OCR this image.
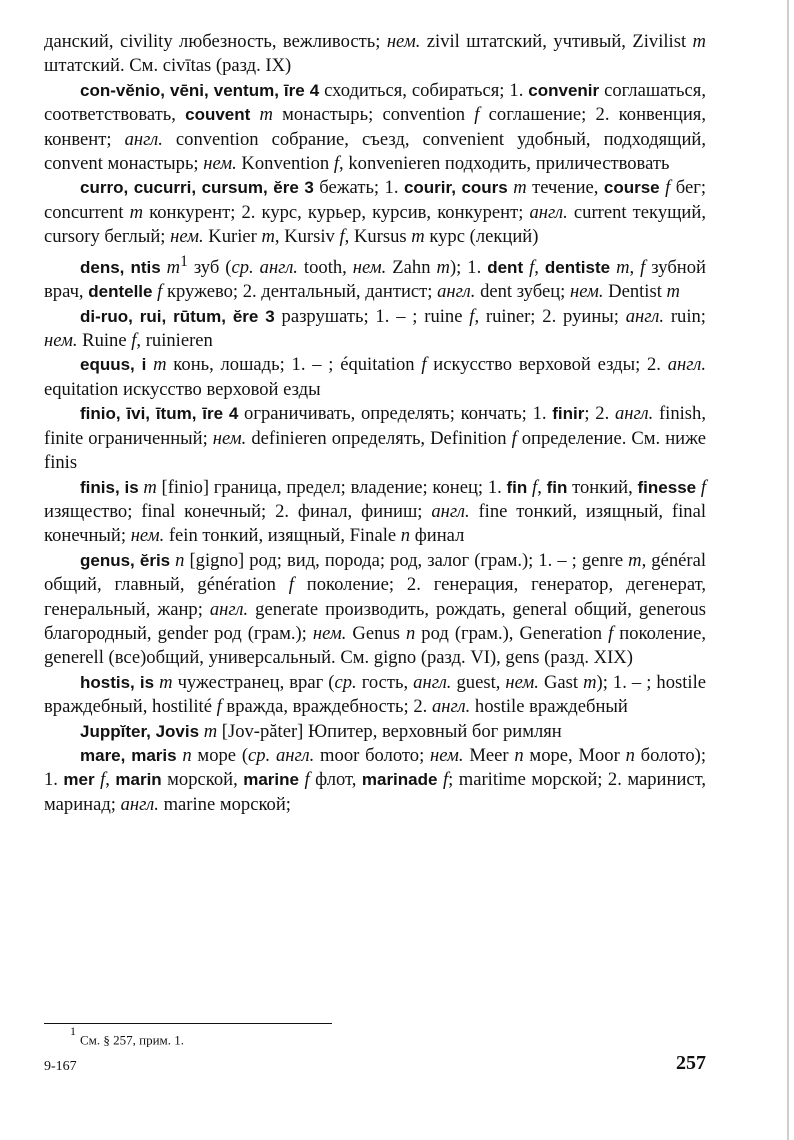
данский, civility любезность, вежливость; нем. zivil штатский, учтивый, Zivilist m штатский. См. civītas (разд. IX)

con-vĕnio, vēni, ventum, īre 4 сходиться, собираться; 1. convenir соглашаться, соответствовать, couvent m монастырь; convention f соглашение; 2. конвенция, конвент; англ. convention собрание, съезд, convenient удобный, подходящий, convent монастырь; нем. Konvention f, konvenieren подходить, приличествовать

curro, cucurri, cursum, ĕre 3 бежать; 1. courir, cours m течение, course f бег; concurrent m конкурент; 2. курс, курьер, курсив, конкурент; англ. current текущий, cursory беглый; нем. Kurier m, Kursiv f, Kursus m курс (лекций)

dens, ntis $m^1$ зуб (ср. англ. tooth, нем. Zahn m); 1. dent f, dentiste m, f зубной врач, dentelle f кружево; 2. дентальный, дантист; англ. dent зубец; нем. Dentist m

di-ruo, rui, rūtum, ĕre 3 разрушать; 1. – ; ruine f, ruiner; 2. руины; англ. ruin; нем. Ruine f, ruinieren

equus, i m конь, лошадь; 1. – ; équitation f искусство верховой езды; 2. англ. equitation искусство верховой езды

finio, īvi, ītum, īre 4 ограничивать, определять; кончать; 1. finir; 2. англ. finish, finite ограниченный; нем. definieren определять, Definition f определение. См. ниже finis

finis, is m [finio] граница, предел; владение; конец; 1. fin f, fin тонкий, finesse f изящество; final конечный; 2. финал, финиш; англ. fine тонкий, изящный, final конечный; нем. fein тонкий, изящный, Finale n финал

genus, ĕris n [gigno] род; вид, порода; род, залог (грам.); 1. – ; genre m, général общий, главный, génération f поколение; 2. генерация, генератор, дегенерат, генеральный, жанр; англ. generate производить, рождать, general общий, generous благородный, gender род (грам.); нем. Genus n род (грам.), Generation f поколение, generell (все)общий, универсальный. См. gigno (разд. VI), gens (разд. XIX)

hostis, is m чужестранец, враг (ср. гость, англ. guest, нем. Gast m); 1. – ; hostile враждебный, hostilité f вражда, враждебность; 2. англ. hostile враждебный

Juppĭter, Jovis m [Jov-păter] Юпитер, верховный бог римлян

mare, maris n море (ср. англ. moor болото; нем. Meer n море, Moor n болото); 1. mer f, marin морской, marine f флот, marinade f; maritime морской; 2. маринист, маринад; англ. marine морской;

$^1$См. § 257, прим. 1.
9-167	257
